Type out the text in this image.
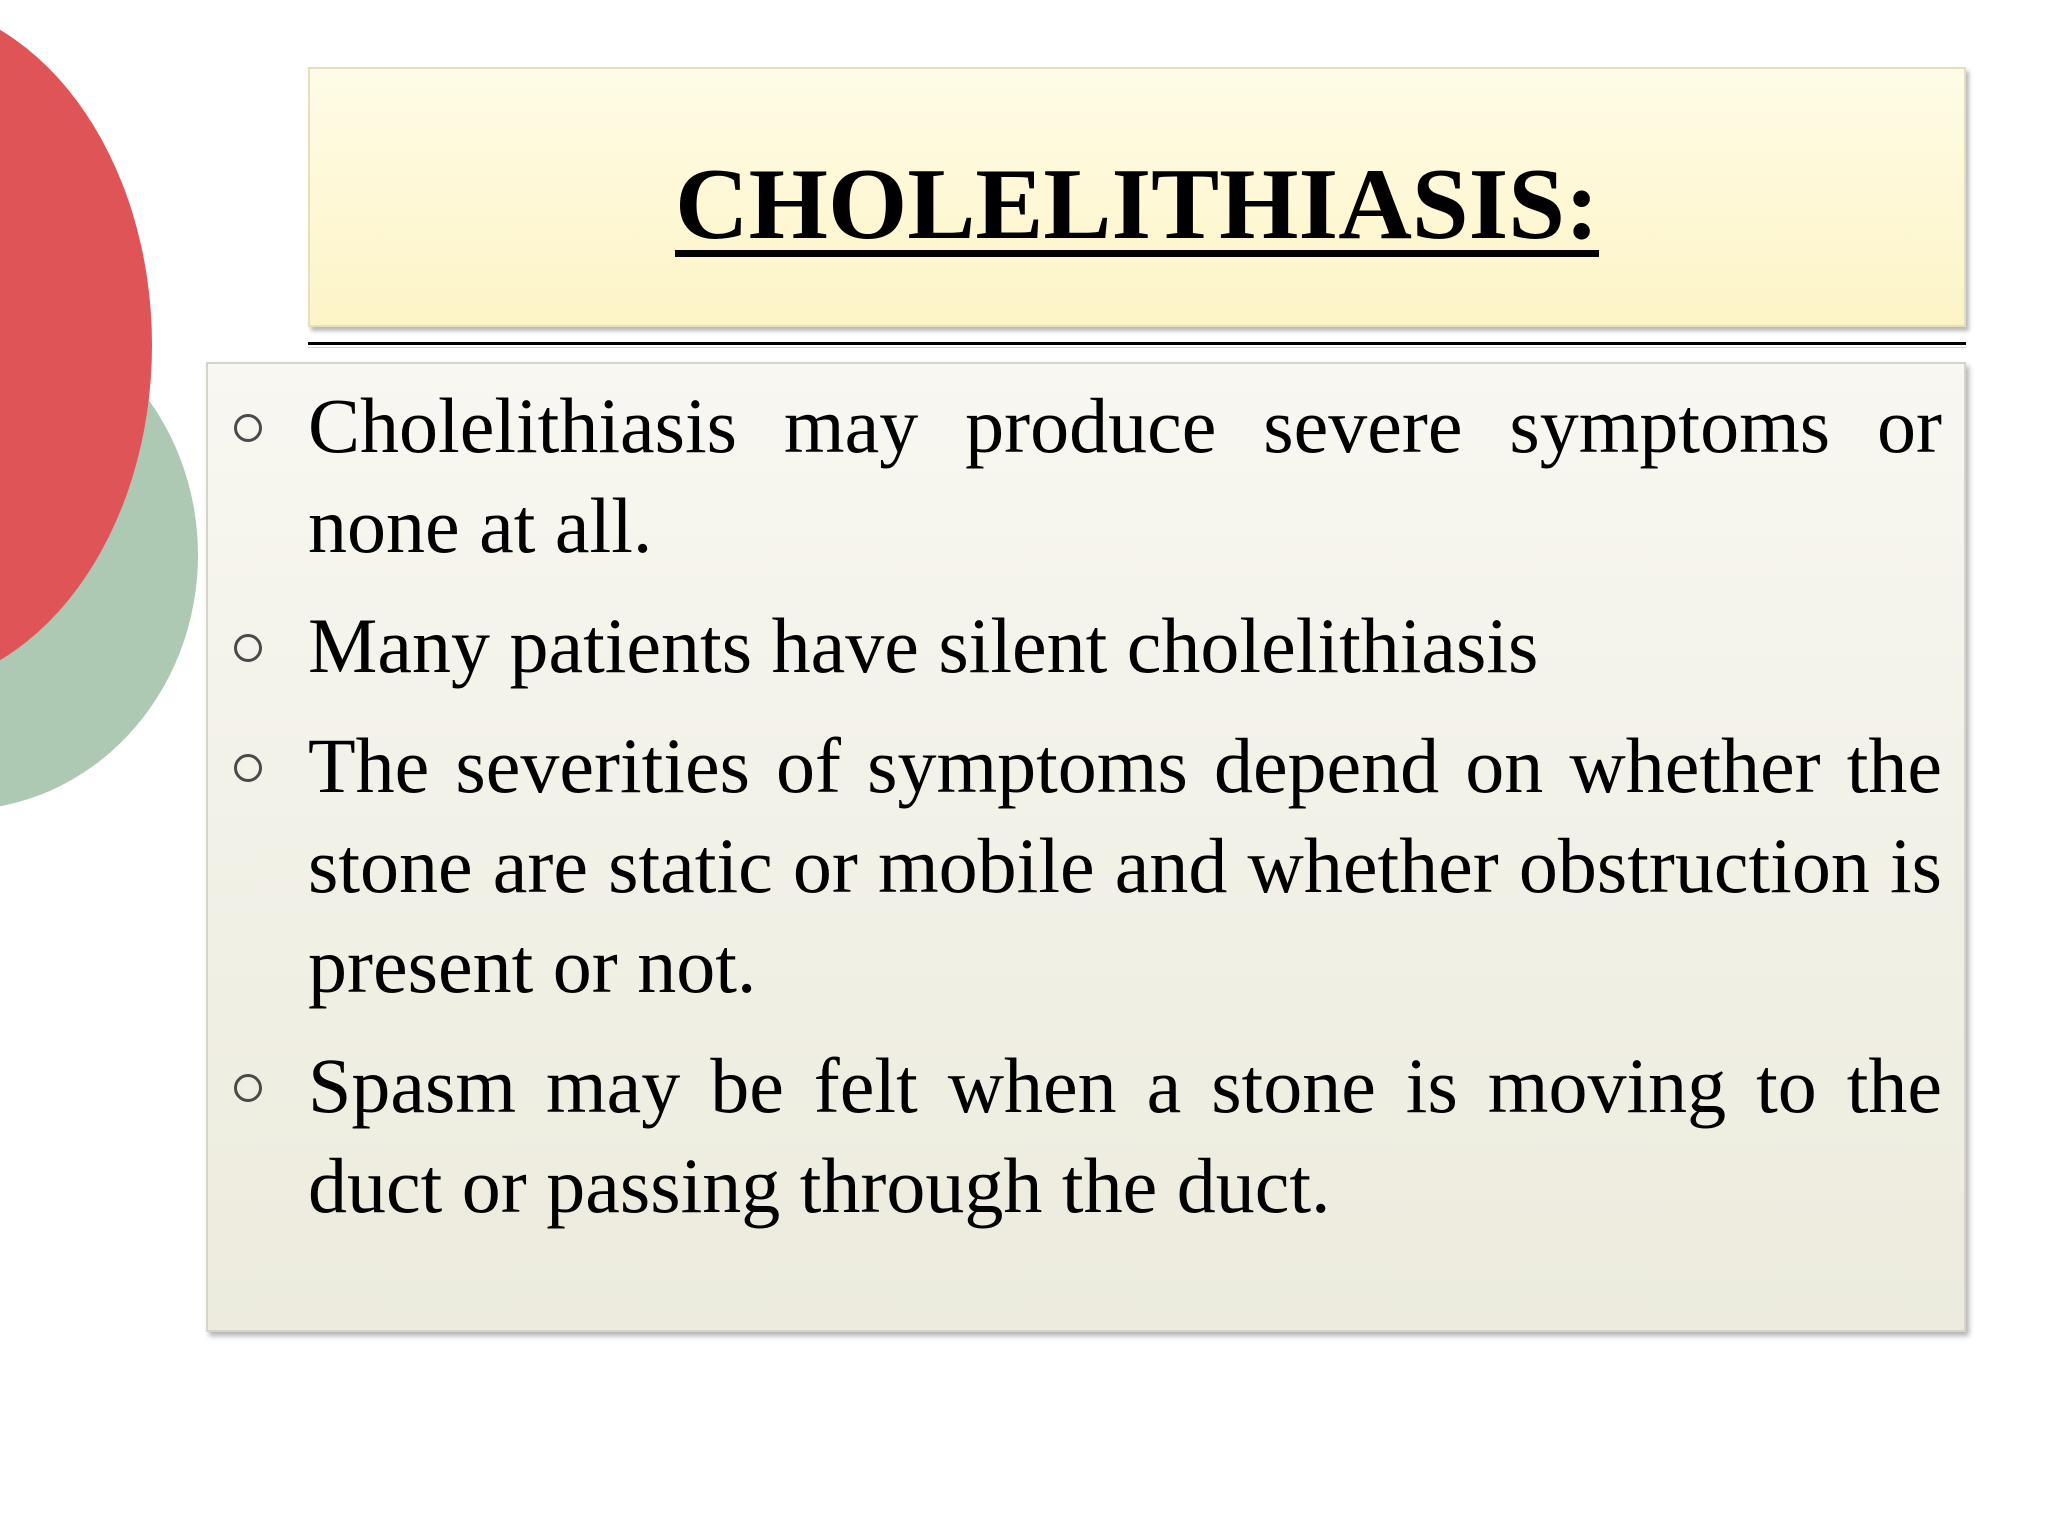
CHOLELITHIASIS:
Cholelithiasis may produce severe symptoms or none at all.
Many patients have silent cholelithiasis
The severities of symptoms depend on whether the stone are static or mobile and whether obstruction is present or not.
Spasm may be felt when a stone is moving to the duct or passing through the duct.
